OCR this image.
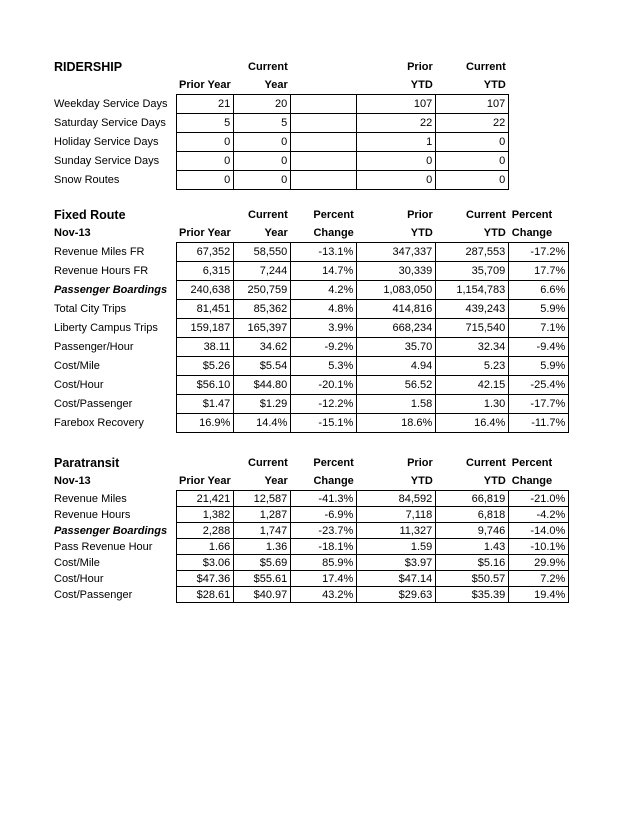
RIDERSHIP		Current		Prior	Current
	Prior Year	Year		YTD	YTD
Weekday Service Days	21	20		107	107
Saturday Service Days	5	5		22	22
Holiday Service Days	0	0		1	0
Sunday Service Days	0	0		0	0
Snow Routes	0	0		0	0
Fixed Route		Current	Percent	Prior	Current	Percent
Nov-13	Prior Year	Year	Change	YTD	YTD	Change
Revenue Miles FR	67,352	58,550	-13.1%	347,337	287,553	-17.2%
Revenue Hours FR	6,315	7,244	14.7%	30,339	35,709	17.7%
Passenger Boardings	240,638	250,759	4.2%	1,083,050	1,154,783	6.6%
Total City Trips	81,451	85,362	4.8%	414,816	439,243	5.9%
Liberty Campus Trips	159,187	165,397	3.9%	668,234	715,540	7.1%
Passenger/Hour	38.11	34.62	-9.2%	35.70	32.34	-9.4%
Cost/Mile	$5.26	$5.54	5.3%	4.94	5.23	5.9%
Cost/Hour	$56.10	$44.80	-20.1%	56.52	42.15	-25.4%
Cost/Passenger	$1.47	$1.29	-12.2%	1.58	1.30	-17.7%
Farebox Recovery	16.9%	14.4%	-15.1%	18.6%	16.4%	-11.7%
Paratransit		Current	Percent	Prior	Current	Percent
Nov-13	Prior Year	Year	Change	YTD	YTD	Change
Revenue Miles	21,421	12,587	-41.3%	84,592	66,819	-21.0%
Revenue Hours	1,382	1,287	-6.9%	7,118	6,818	-4.2%
Passenger Boardings	2,288	1,747	-23.7%	11,327	9,746	-14.0%
Pass Revenue Hour	1.66	1.36	-18.1%	1.59	1.43	-10.1%
Cost/Mile	$3.06	$5.69	85.9%	$3.97	$5.16	29.9%
Cost/Hour	$47.36	$55.61	17.4%	$47.14	$50.57	7.2%
Cost/Passenger	$28.61	$40.97	43.2%	$29.63	$35.39	19.4%
